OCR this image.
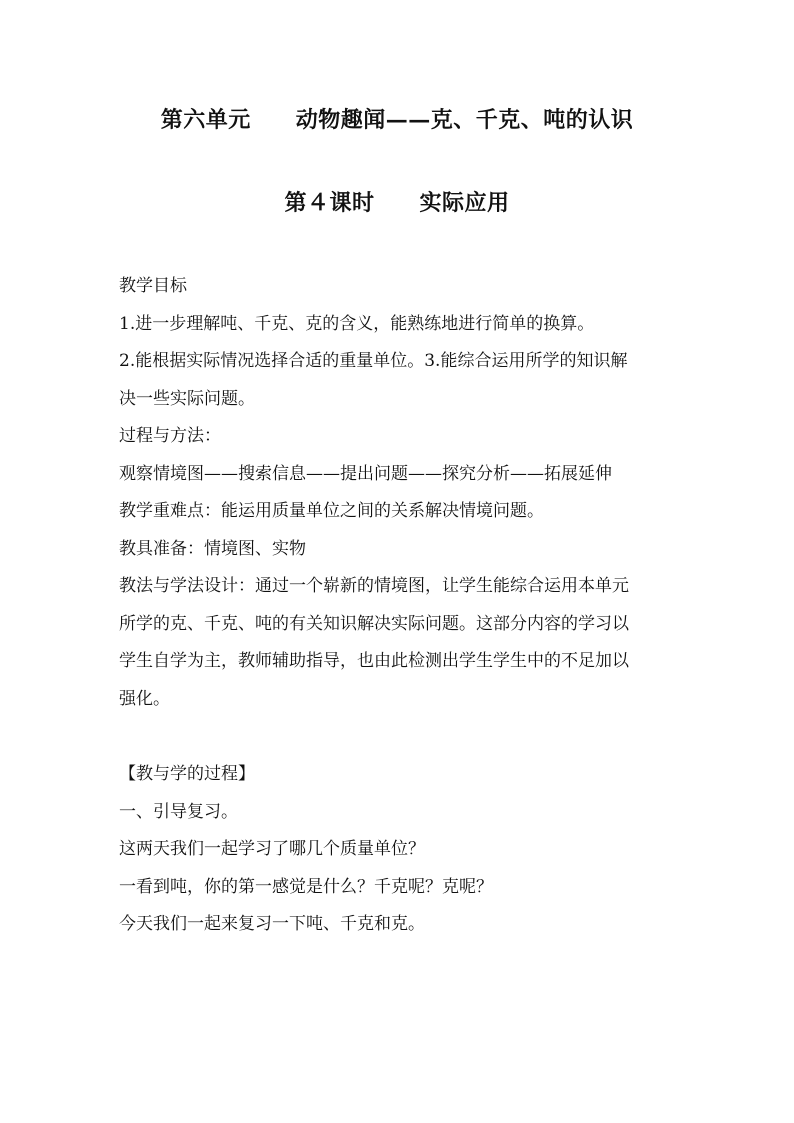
第六单元　　动物趣闻——克、千克、吨的认识
第４课时　　实际应用
教学目标
1.进一步理解吨、千克、克的含义，能熟练地进行简单的换算。
2.能根据实际情况选择合适的重量单位。3.能综合运用所学的知识解
决一些实际问题。
过程与方法：
观察情境图——搜索信息——提出问题——探究分析——拓展延伸
教学重难点：能运用质量单位之间的关系解决情境问题。
教具准备：情境图、实物
教法与学法设计：通过一个崭新的情境图，让学生能综合运用本单元
所学的克、千克、吨的有关知识解决实际问题。这部分内容的学习以
学生自学为主，教师辅助指导，也由此检测出学生学生中的不足加以
强化。
【教与学的过程】
一、引导复习。
这两天我们一起学习了哪几个质量单位？
一看到吨，你的第一感觉是什么？千克呢？克呢？
今天我们一起来复习一下吨、千克和克。
